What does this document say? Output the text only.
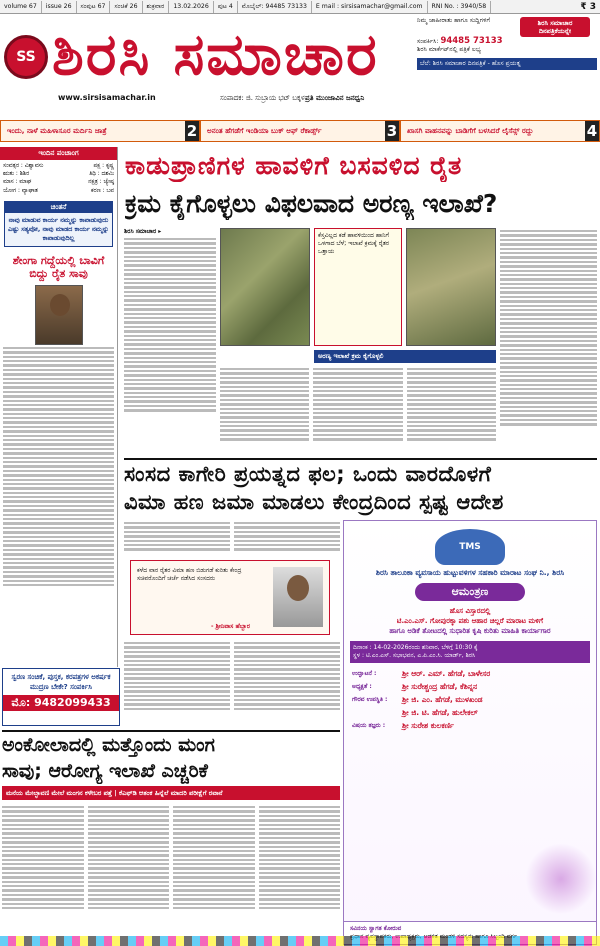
volume 67	issue 26	ಸಂಪುಟ 67	ಸಂಚಿಕೆ 26	ಶುಕ್ರವಾರ	13.02.2026	ಪುಟ 4	ಮೊಬೈಲ್: 94485 73133	E mail : sirsisamachar@gmail.com	RNI No. : 3940/58	₹ 3
SS ಶಿರಸಿ ಸಮಾಚಾರ
www.sirsisamachar.in	ಸಂಪಾದಕ: ಜಿ. ಸುಬ್ರಾಯ ಭಟ್ ಬಕ್ಕಳ ಪ್ರತಿ ಮುಂಜಾವಿನ ಜನಧ್ವನಿ
ನಿಮ್ಮ ಜಾಹೀರಾತು ಹಾಗೂ ಸುದ್ದಿಗಳಿಗೆ	ಶಿರಸಿ ಸಮಾಚಾರ ದಿನಪತ್ರಿಕೆಯನ್ನೇ
ಸಂಪರ್ಕಿಸಿ: 94485 73133
ಶಿರಸಿ ಮಾರ್ಕೆಟ್‌ನಲ್ಲಿ ಪತ್ರಿಕೆ ಲಭ್ಯ
ಬೆಲೆ: ಶಿರಸಿ ಸಮಾಚಾರ ದಿನಪತ್ರಿಕೆ - ಹೊಸ ಪ್ರಯತ್ನ
ಇಂದು, ನಾಳೆ ಮಹಿಳಾಸೂರ ಮರ್ದಿನಿ ಜಾತ್ರೆ	2 ಅನಂತ ಹೆಗಡೆಗೆ ಇಂಡಿಯಾ ಬುಕ್ ಆಫ್ ರೆಕಾರ್ಡ್ಸ್	3 ಖಾಸಗಿ ವಾಹನವನ್ನು ಬಾಡಿಗೆಗೆ ಬಳಸಿದರೆ ಲೈಸೆನ್ಸ್ ರದ್ದು	4
ಇಂದಿನ ಪಂಚಾಂಗ
ಸಂವತ್ಸರ : ವಿಶ್ವಾವಸು	ಪಕ್ಷ : ಕೃಷ್ಣ
ಋತು : ಶಿಶಿರ	ತಿಥಿ : ದಶಮಿ
ಮಾಸ : ಮಾಘ	ನಕ್ಷತ್ರ : ಜ್ಯೇಷ್ಠ
ಯೋಗ : ವ್ಯಾಘಾತ	ಕರಣ : ಬವ
ಚಿಂತನೆ

ನಾವು ಮಾಡುವ ಕಾರ್ಯ ನಮ್ಮನ್ನು ಕಾಪಾಡುವುದು ಎಷ್ಟು ಸತ್ಯವೋ, ನಾವು ಮಾಡದ ಕಾರ್ಯ ನಮ್ಮನ್ನು ಕಾಪಾಡುವುದಿಲ್ಲ

ಶೇಂಗಾ ಗದ್ದೆಯಲ್ಲಿ ಬಾವಿಗೆ ಬಿದ್ದು ರೈತ ಸಾವು
ಕಾಡುಪ್ರಾಣಿಗಳ ಹಾವಳಿಗೆ ಬಸವಳಿದ ರೈತ
ಕ್ರಮ ಕೈಗೊಳ್ಳಲು ವಿಫಲವಾದ ಅರಣ್ಯ ಇಲಾಖೆ?
ಶಿರಸಿ ಸಮಾಚಾರ ▸
ಕೆಸ್ತವಿಲ್ಲದ ಕಡೆ ಹಾವಳಿಯಿಂದ ಹಾನಿಗೆ ಒಳಗಾದ ಬೆಳೆ; ಇಲಾಖೆ ಕ್ರಮಕ್ಕೆ ರೈತರ ಒತ್ತಾಯ
ಅರಣ್ಯ ಇಲಾಖೆ ಕ್ರಮ ಕೈಗೊಳ್ಳಲಿ
ಸಂಸದ ಕಾಗೇರಿ ಪ್ರಯತ್ನದ ಫಲ; ಒಂದು ವಾರದೊಳಗೆ
ವಿಮಾ ಹಣ ಜಮಾ ಮಾಡಲು ಕೇಂದ್ರದಿಂದ ಸ್ಪಷ್ಟ ಆದೇಶ

ಕಳೆದ ವಾರ ರೈತರ ವಿಮಾ ಹಣ ಬಿಡುಗಡೆ ಕುರಿತು ಕೇಂದ್ರ ಸಚಿವರೊಂದಿಗೆ ಚರ್ಚೆ ನಡೆಸಿದ ಸಂಸದರು

- ಶ್ರೀನಿವಾಸ ಹೆಬ್ಬಾರ
TMS
ಶಿರಸಿ ತಾಲೂಕಾ ವ್ಯವಸಾಯ ಹುಟ್ಟುವಳಿಗಳ ಸಹಕಾರಿ ಮಾರಾಟ ಸಂಘ ನಿ., ಶಿರಸಿ
ಆಮಂತ್ರಣ
ಹೊಸ ವಿಸ್ತಾರದಲ್ಲಿ
ಟಿ.ಎಂ.ಎಸ್. ಗೋಪುರಕ್ಕಾ ಪಶು ಆಹಾರ ಚಿಲ್ಲರೆ ಮಾರಾಟ ಮಳಿಗೆ
ಹಾಗೂ ಅಡಿಕೆ ತೋಟದಲ್ಲಿ ಸುಧಾರಿತ ಕೃಷಿ ಕುರಿತು ಮಾಹಿತಿ ಕಾರ್ಯಾಗಾರ
ದಿನಾಂಕ : 14-02-2026ರಂದು ಶನಿವಾರ, ಬೆಳಿಗ್ಗೆ 10:30 ಕ್ಕೆ
ಸ್ಥಳ : ಟಿ.ಎಂ.ಎಸ್. ಸಭಾಭವನ, ಎ.ಪಿ.ಎಂ.ಸಿ. ಯಾರ್ಡ್, ಶಿರಸಿ
ಉದ್ಘಾಟನೆ :	ಶ್ರೀ ಆರ್. ಎಮ್. ಹೆಗಡೆ, ಬಾಳೇಸರ
ಅಧ್ಯಕ್ಷತೆ :	ಶ್ರೀ ಸುರೇಶ್ಚಂದ್ರ ಹೆಗಡೆ, ಕೆಶಿನ್ನನ
ಗೌರವ ಉಪಸ್ಥಿತಿ :	ಶ್ರೀ ಜಿ. ಎಂ. ಹೆಗಡೆ, ಮುಳಖಂಡ
ಶ್ರೀ ಜಿ. ಟಿ. ಹೆಗಡೆ, ಹುಲೇಕಲ್
ವಿಷಯ ತಜ್ಞರು :	ಶ್ರೀ ಸುರೇಶ ಕುಲಕರ್ಣಿ
ಸವಿನಯ ಸ್ವಾಗತ ಕೋರುವ

ಸ್ವರಣ ಸಂಚಿಕೆ, ಪುಸ್ತಕ, ಕರಪತ್ರಗಳ ಅಕರ್ಷಕ ಮುದ್ರಣ ಬೇಕೇ? ಸಂಪರ್ಕಿಸಿ

ಮೊ: 9482099433
ಅಂಕೋಲಾದಲ್ಲಿ ಮತ್ತೊಂದು ಮಂಗ
ಸಾವು; ಆರೋಗ್ಯ ಇಲಾಖೆ ಎಚ್ಚರಿಕೆ
ಮನೆಯ ಮೇಲ್ಛಾವಣಿ ಮೇಲೆ ಮಂಗನ ಕಳೇಬರ ಪತ್ತೆ | ಕೆಎಫ್‌ಡಿ ಆತಂಕ ಹಿನ್ನೆಲೆ ಮಾದರಿ ಪರೀಕ್ಷೆಗೆ ರವಾನೆ
